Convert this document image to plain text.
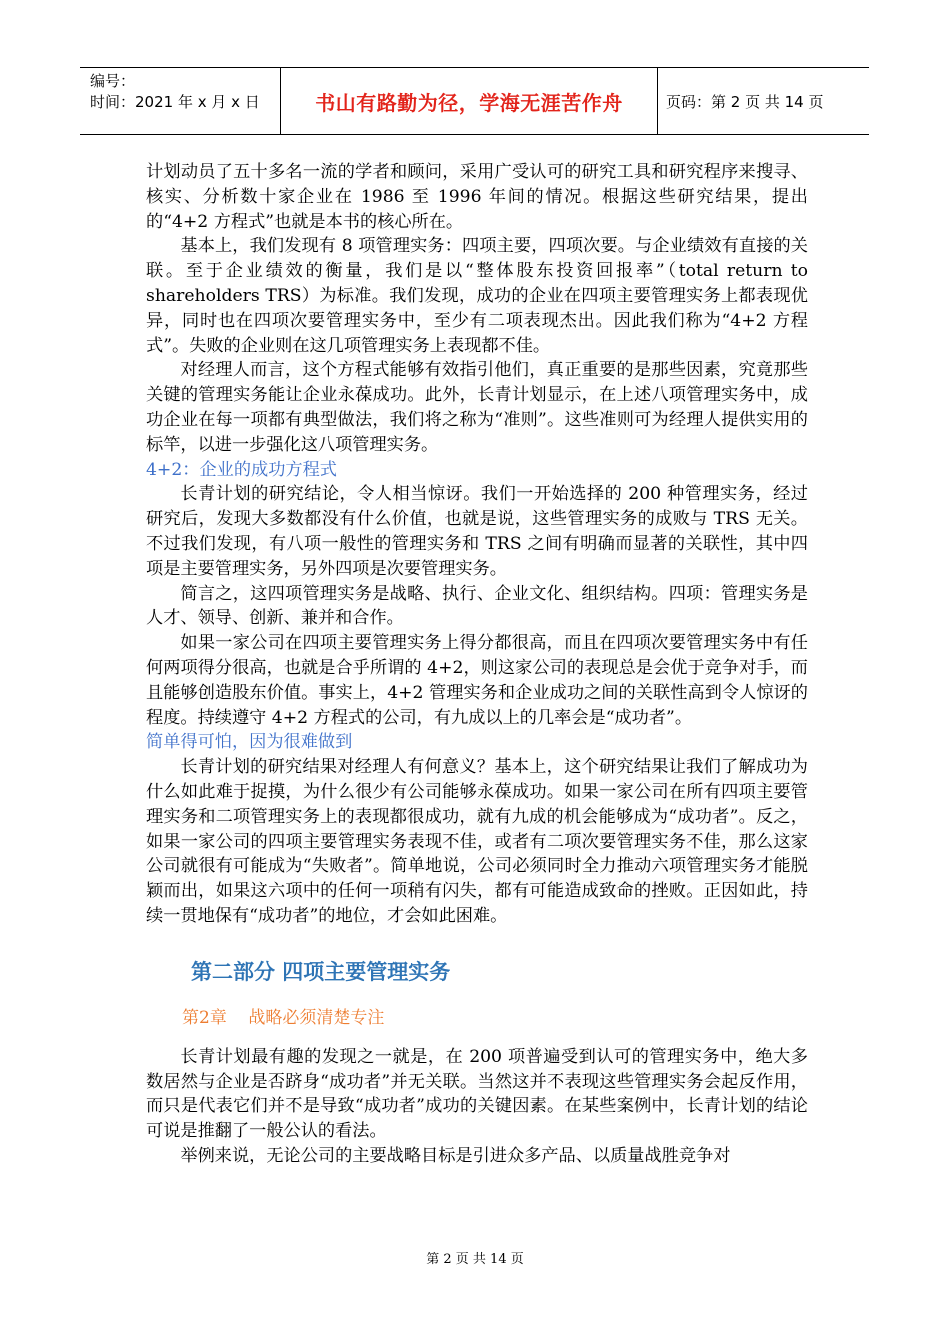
编号：
时间：2021 年 x 月 x 日	书山有路勤为径，学海无涯苦作舟	页码：第 2 页 共 14 页

计划动员了五十多名一流的学者和顾问，采用广受认可的研究工具和研究程序来搜寻、核实、分析数十家企业在 1986 至 1996 年间的情况。根据这些研究结果，提出的“4+2 方程式”也就是本书的核心所在。

基本上，我们发现有 8 项管理实务：四项主要，四项次要。与企业绩效有直接的关联。至于企业绩效的衡量，我们是以“整体股东投资回报率”（total return to shareholders TRS）为标准。我们发现，成功的企业在四项主要管理实务上都表现优异，同时也在四项次要管理实务中，至少有二项表现杰出。因此我们称为“4+2 方程式”。失败的企业则在这几项管理实务上表现都不佳。

对经理人而言，这个方程式能够有效指引他们，真正重要的是那些因素，究竟那些关键的管理实务能让企业永葆成功。此外，长青计划显示，在上述八项管理实务中，成功企业在每一项都有典型做法，我们将之称为“准则”。这些准则可为经理人提供实用的标竿，以进一步强化这八项管理实务。

4+2：企业的成功方程式

长青计划的研究结论，令人相当惊讶。我们一开始选择的 200 种管理实务，经过研究后，发现大多数都没有什么价值，也就是说，这些管理实务的成败与 TRS 无关。不过我们发现，有八项一般性的管理实务和 TRS 之间有明确而显著的关联性，其中四项是主要管理实务，另外四项是次要管理实务。

简言之，这四项管理实务是战略、执行、企业文化、组织结构。四项：管理实务是人才、领导、创新、兼并和合作。

如果一家公司在四项主要管理实务上得分都很高，而且在四项次要管理实务中有任何两项得分很高，也就是合乎所谓的 4+2，则这家公司的表现总是会优于竞争对手，而且能够创造股东价值。事实上，4+2 管理实务和企业成功之间的关联性高到令人惊讶的程度。持续遵守 4+2 方程式的公司，有九成以上的几率会是“成功者”。

简单得可怕，因为很难做到

长青计划的研究结果对经理人有何意义？基本上，这个研究结果让我们了解成功为什么如此难于捉摸，为什么很少有公司能够永葆成功。如果一家公司在所有四项主要管理实务和二项管理实务上的表现都很成功，就有九成的机会能够成为“成功者”。反之，如果一家公司的四项主要管理实务表现不佳，或者有二项次要管理实务不佳，那么这家公司就很有可能成为“失败者”。简单地说，公司必须同时全力推动六项管理实务才能脱颖而出，如果这六项中的任何一项稍有闪失，都有可能造成致命的挫败。正因如此，持续一贯地保有“成功者”的地位，才会如此困难。

第二部分 四项主要管理实务
第2章    战略必须清楚专注

长青计划最有趣的发现之一就是，在 200 项普遍受到认可的管理实务中，绝大多数居然与企业是否跻身“成功者”并无关联。当然这并不表现这些管理实务会起反作用，而只是代表它们并不是导致“成功者”成功的关键因素。在某些案例中，长青计划的结论可说是推翻了一般公认的看法。

举例来说，无论公司的主要战略目标是引进众多产品、以质量战胜竞争对

第 2 页 共 14 页
